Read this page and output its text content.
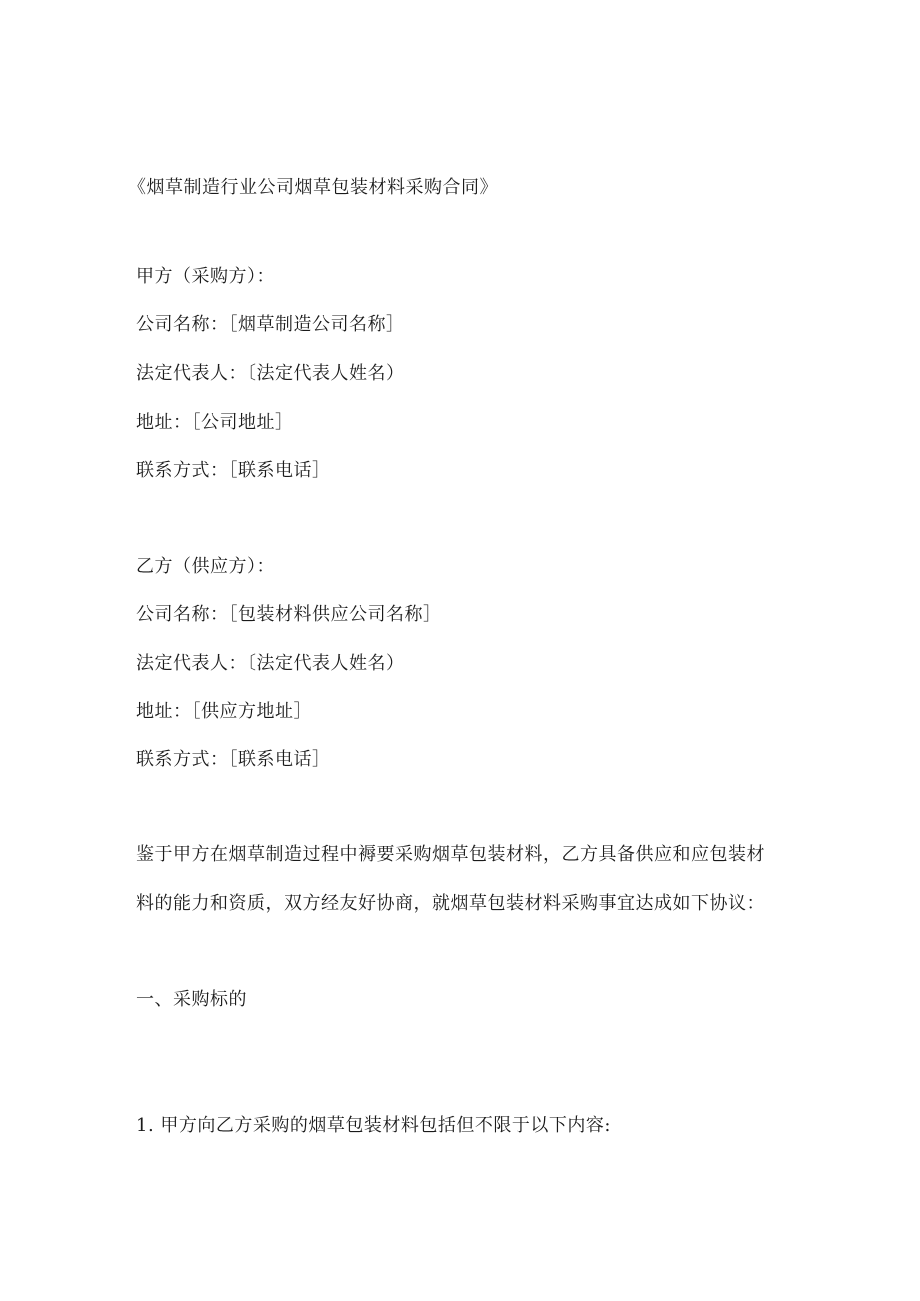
《烟草制造行业公司烟草包装材料采购合同》
甲方（采购方）：
公司名称：［烟草制造公司名称］
法定代表人：〔法定代表人姓名）
地址：［公司地址］
联系方式：［联系电话］
乙方（供应方）：
公司名称：［包装材料供应公司名称］
法定代表人：〔法定代表人姓名）
地址：［供应方地址］
联系方式：［联系电话］
鉴于甲方在烟草制造过程中褥要采购烟草包装材料，乙方具备供应和应包装材
料的能力和资质，双方经友好协商，就烟草包装材料采购事宜达成如下协议：
一、采购标的
1. 甲方向乙方采购的烟草包装材料包括但不限于以下内容:
